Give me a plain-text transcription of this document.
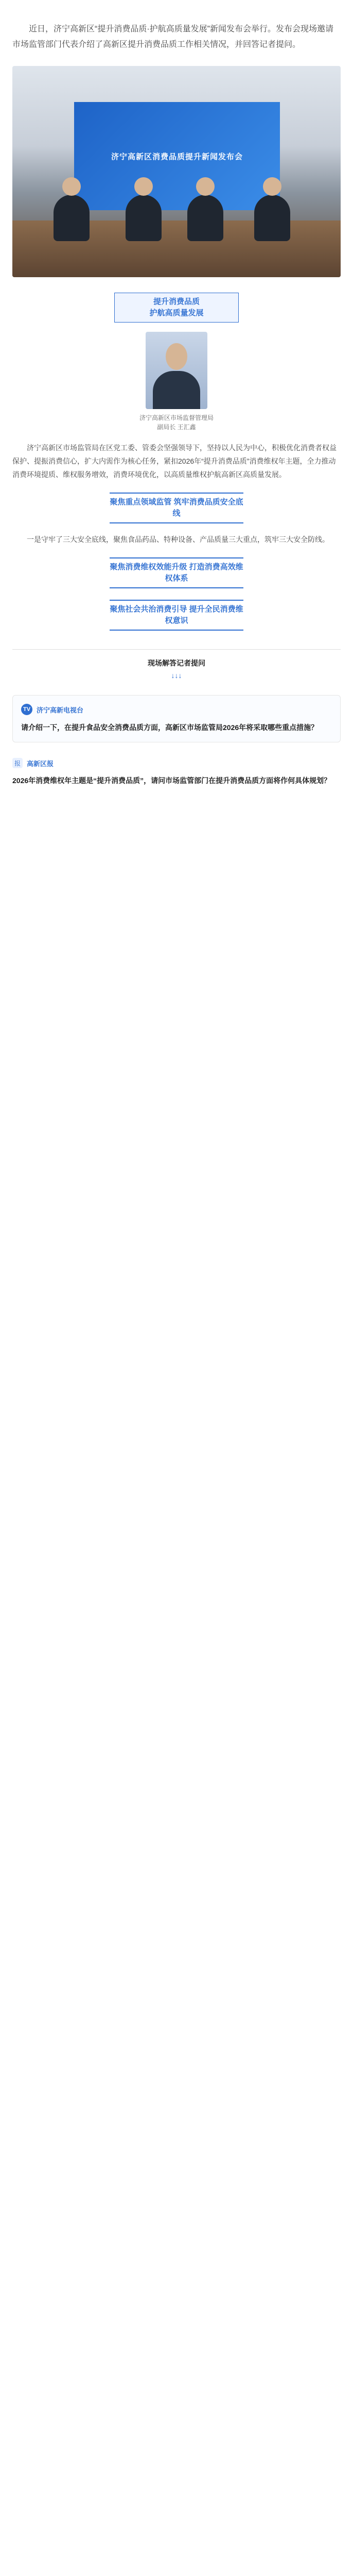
近日，济宁高新区“提升消费品质·护航高质量发展”新闻发布会举行。发布会现场邀请市场监管部门代表介绍了高新区提升消费品质工作相关情况，并回答记者提问。
济宁高新区消费品质提升新闻发布会
提升消费品质
护航高质量发展
济宁高新区市场监督管理局
副局长 王汇鑫
济宁高新区市场监管局在区党工委、管委会坚强领导下，坚持以人民为中心，积极优化消费者权益保护、提振消费信心，扩大内需作为核心任务，紧扣2026年“提升消费品质”消费维权年主题，全力推动消费环境提质、维权服务增效，消费环境优化，以高质量维权护航高新区高质量发展。
聚焦重点领域监管 筑牢消费品质安全底线
一是守牢了三大安全底线，聚焦食品药品、特种设备、产品质量三大重点，筑牢三大安全防线。
聚焦消费维权效能升级 打造消费高效维权体系
聚焦社会共治消费引导 提升全民消费维权意识
现场解答记者提问
↓↓↓
TV 济宁高新电视台
请介绍一下，在提升食品安全消费品质方面，高新区市场监管局2026年将采取哪些重点措施？
报 高新区报
2026年消费维权年主题是“提升消费品质”，请问市场监管部门在提升消费品质方面将作何具体规划？
